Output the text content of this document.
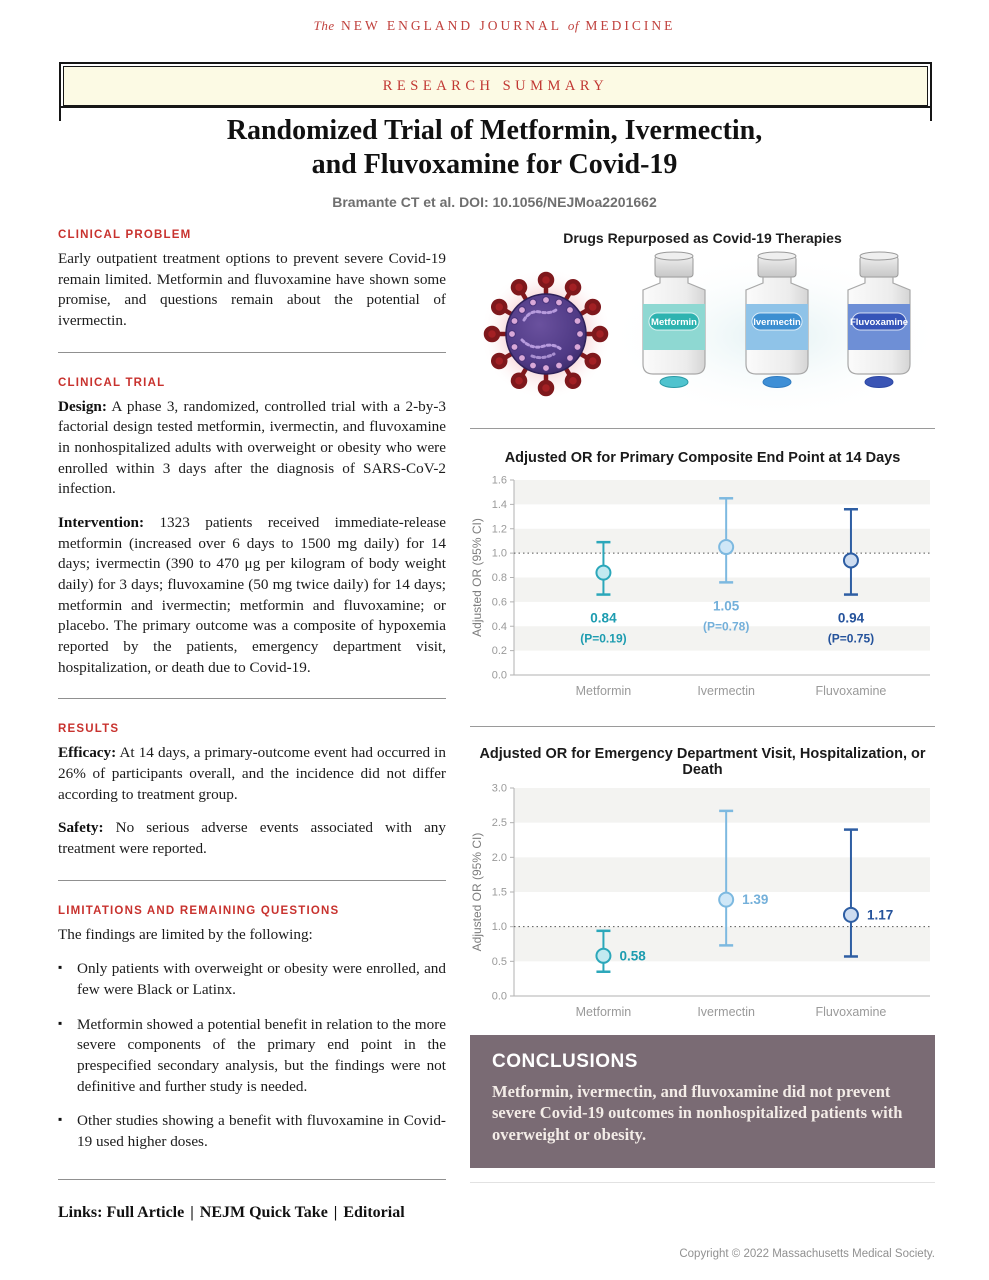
The NEW ENGLAND JOURNAL of MEDICINE
RESEARCH SUMMARY
Randomized Trial of Metformin, Ivermectin,
and Fluvoxamine for Covid-19
Bramante CT et al. DOI: 10.1056/NEJMoa2201662
CLINICAL PROBLEM

Early outpatient treatment options to prevent severe Covid-19 remain limited. Metformin and fluvoxamine have shown some promise, and questions remain about the potential of ivermectin.

CLINICAL TRIAL

Design: A phase 3, randomized, controlled trial with a 2-by-3 factorial design tested metformin, ivermectin, and fluvoxamine in nonhospitalized adults with overweight or obesity who were enrolled within 3 days after the diagnosis of SARS-CoV-2 infection.

Intervention: 1323 patients received immediate-release metformin (increased over 6 days to 1500 mg daily) for 14 days; ivermectin (390 to 470 μg per kilogram of body weight daily) for 3 days; fluvoxamine (50 mg twice daily) for 14 days; metformin and ivermectin; metformin and fluvoxamine; or placebo. The primary outcome was a composite of hypoxemia reported by the patients, emergency department visit, hospitalization, or death due to Covid-19.

RESULTS

Efficacy: At 14 days, a primary-outcome event had occurred in 26% of participants overall, and the incidence did not differ according to treatment group.

Safety: No serious adverse events associated with any treatment were reported.

LIMITATIONS AND REMAINING QUESTIONS

The findings are limited by the following:

▪ Only patients with overweight or obesity were enrolled, and few were Black or Latinx.
▪ Metformin showed a potential benefit in relation to the more severe components of the primary end point in the prespecified secondary analysis, but the findings were not definitive and further study is needed.
▪ Other studies showing a benefit with fluvoxamine in Covid-19 used higher doses.

Links: Full Article | NEJM Quick Take | Editorial

Drugs Repurposed as Covid-19 Therapies
Metformin	Ivermectin	Fluvoxamine
Adjusted OR for Primary Composite End Point at 14 Days
0.0
0.2
0.4
0.6
0.8
1.0
1.2
1.4
1.6
Adjusted OR (95% CI)	0.84
(P=0.19)
Metformin
1.05
(P=0.78)
Ivermectin
0.94
(P=0.75)
Fluvoxamine
Adjusted OR for Emergency Department Visit, Hospitalization, or Death
0.0
0.5
1.0
1.5
2.0
2.5
3.0
Adjusted OR (95% CI)
0.58
Metformin
1.39
Ivermectin
1.17
Fluvoxamine
CONCLUSIONS

Metformin, ivermectin, and fluvoxamine did not prevent severe Covid-19 outcomes in nonhospitalized patients with overweight or obesity.

Copyright © 2022 Massachusetts Medical Society.
